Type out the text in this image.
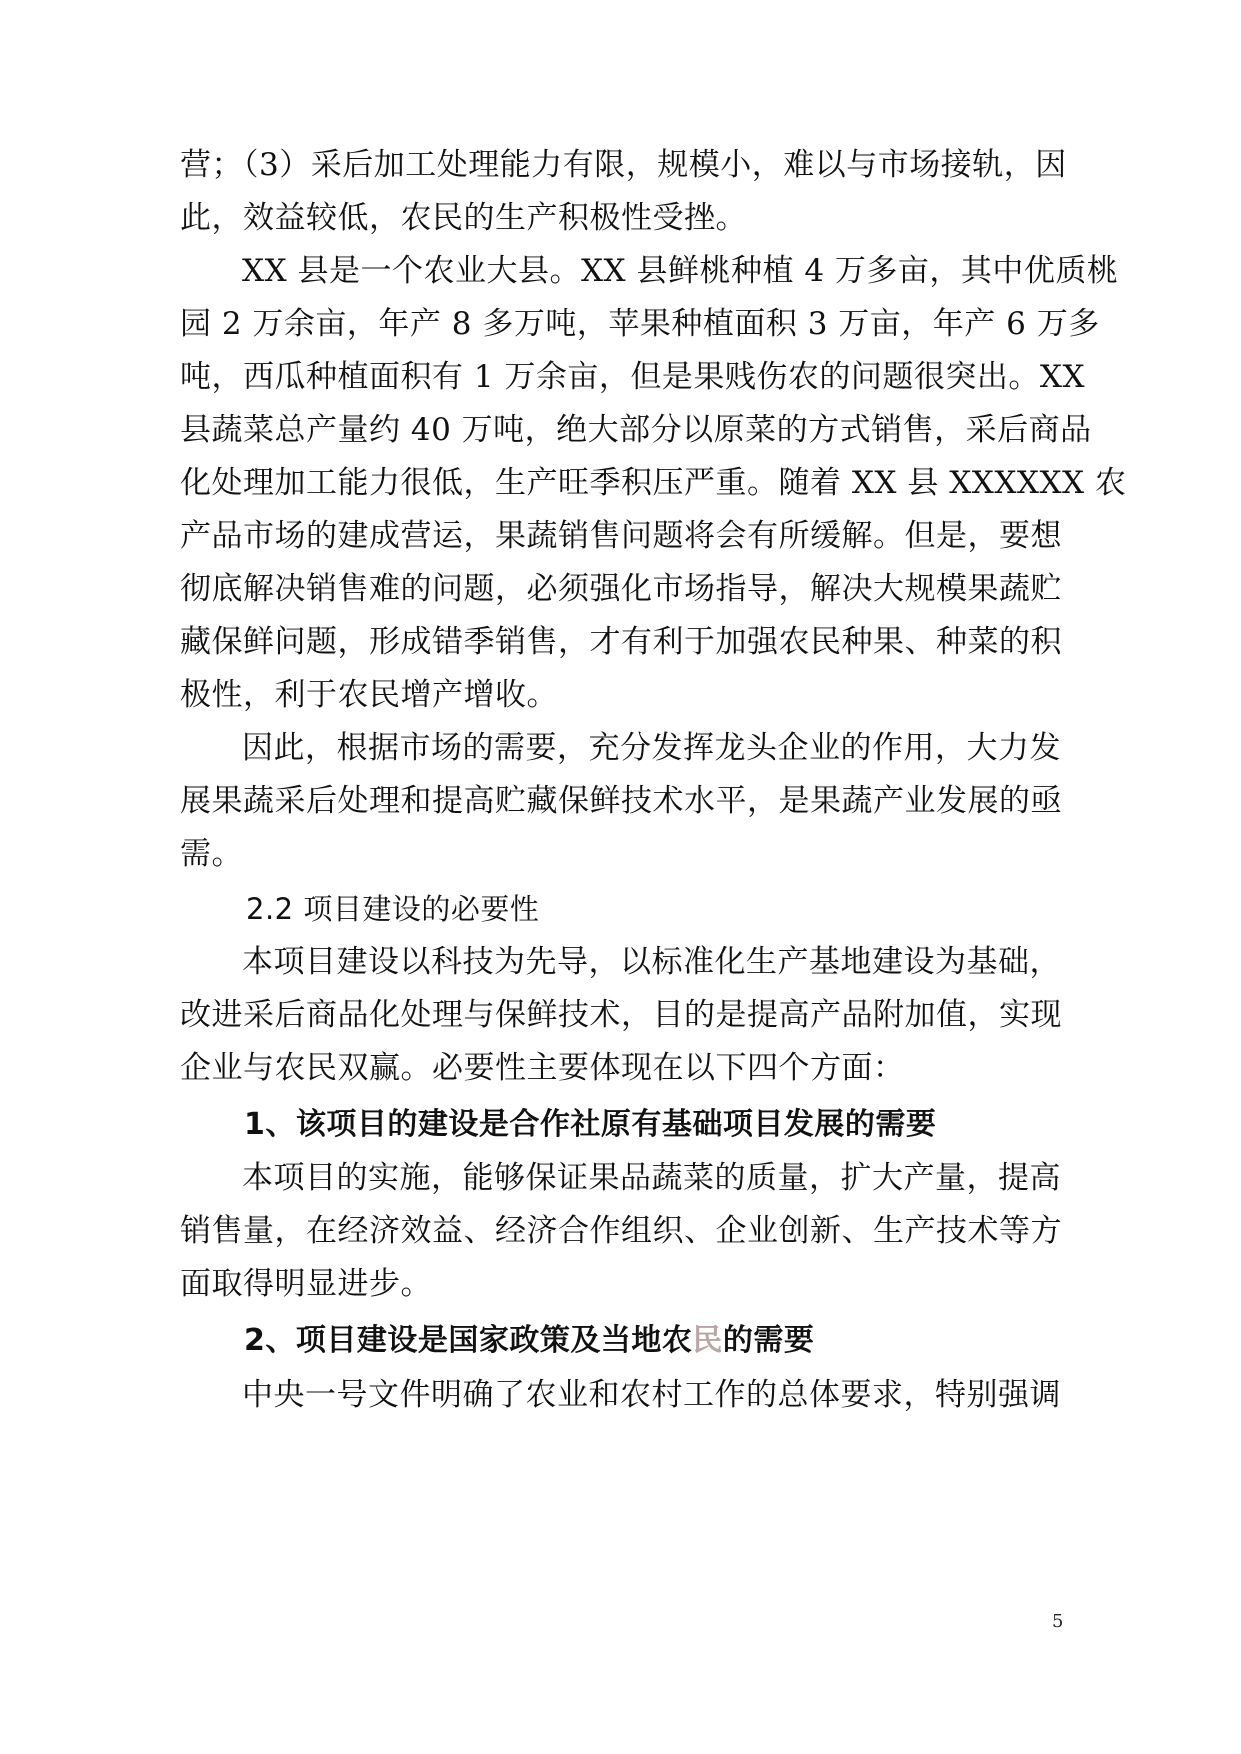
营；（3）采后加工处理能力有限，规模小，难以与市场接轨，因
此，效益较低，农民的生产积极性受挫。
XX 县是一个农业大县。XX 县鲜桃种植 4 万多亩，其中优质桃
园 2 万余亩，年产 8 多万吨，苹果种植面积 3 万亩，年产 6 万多
吨，西瓜种植面积有 1 万余亩，但是果贱伤农的问题很突出。XX
县蔬菜总产量约 40 万吨，绝大部分以原菜的方式销售，采后商品
化处理加工能力很低，生产旺季积压严重。随着 XX 县 XXXXXX 农
产品市场的建成营运，果蔬销售问题将会有所缓解。但是，要想
彻底解决销售难的问题，必须强化市场指导，解决大规模果蔬贮
藏保鲜问题，形成错季销售，才有利于加强农民种果、种菜的积
极性，利于农民增产增收。
因此，根据市场的需要，充分发挥龙头企业的作用，大力发
展果蔬采后处理和提高贮藏保鲜技术水平，是果蔬产业发展的亟
需。
2.2 项目建设的必要性
本项目建设以科技为先导，以标准化生产基地建设为基础，
改进采后商品化处理与保鲜技术，目的是提高产品附加值，实现
企业与农民双赢。必要性主要体现在以下四个方面：
1、该项目的建设是合作社原有基础项目发展的需要
本项目的实施，能够保证果品蔬菜的质量，扩大产量，提高
销售量，在经济效益、经济合作组织、企业创新、生产技术等方
面取得明显进步。
2、项目建设是国家政策及当地农民的需要
中央一号文件明确了农业和农村工作的总体要求，特别强调
5
